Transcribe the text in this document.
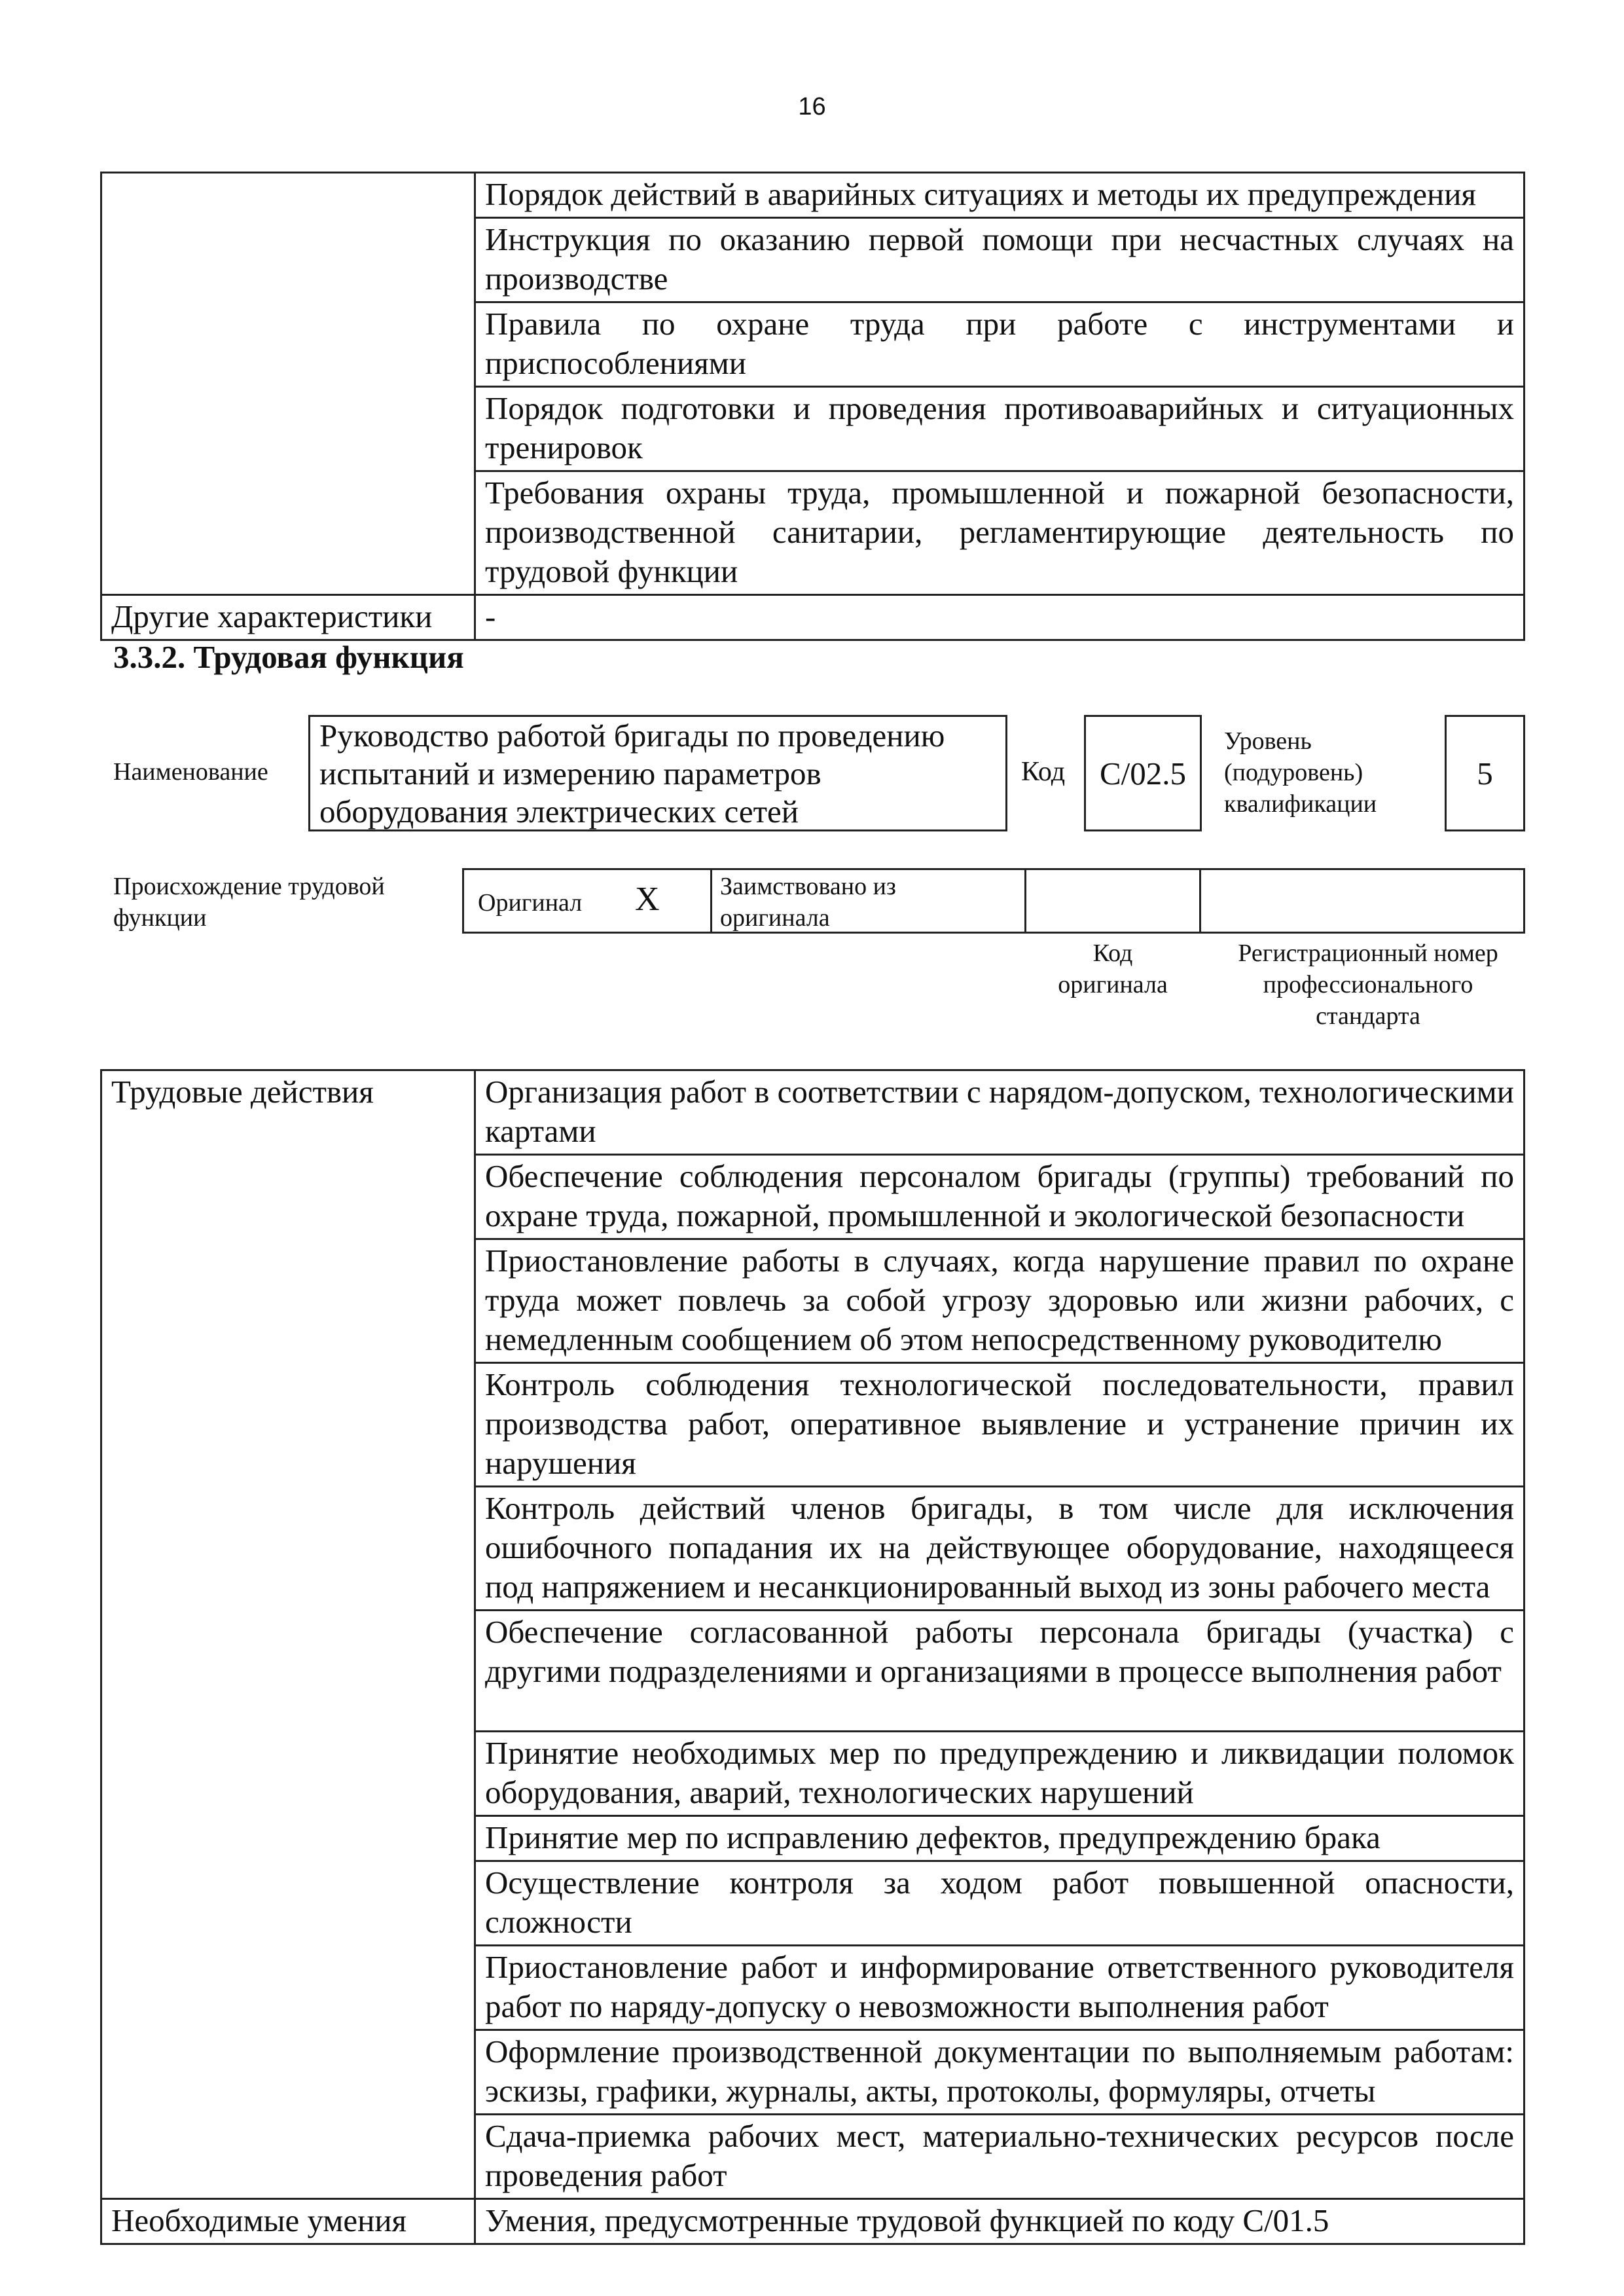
16
	Порядок действий в аварийных ситуациях и методы их предупреждения
	Инструкция по оказанию первой помощи при несчастных случаях на производстве
	Правила по охране труда при работе с инструментами и приспособлениями
	Порядок подготовки и проведения противоаварийных и ситуационных тренировок
	Требования охраны труда, промышленной и пожарной безопасности, производственной санитарии, регламентирующие деятельность по трудовой функции
Другие характеристики	-
3.3.2. Трудовая функция
Наименование
Руководство работой бригады по проведению испытаний и измерению параметров оборудования электрических сетей
Код	С/02.5
Уровень (подуровень) квалификации
5
Происхождение трудовой функции
Оригинал X Заимствовано из оригинала
Код оригинала
Регистрационный номер профессионального стандарта
Трудовые действия	Организация работ в соответствии с нарядом-допуском, технологическими картами
	Обеспечение соблюдения персоналом бригады (группы) требований по охране труда, пожарной, промышленной и экологической безопасности
	Приостановление работы в случаях, когда нарушение правил по охране труда может повлечь за собой угрозу здоровью или жизни рабочих, с немедленным сообщением об этом непосредственному руководителю
	Контроль соблюдения технологической последовательности, правил производства работ, оперативное выявление и устранение причин их нарушения
	Контроль действий членов бригады, в том числе для исключения ошибочного попадания их на действующее оборудование, находящееся под напряжением и несанкционированный выход из зоны рабочего места
	Обеспечение согласованной работы персонала бригады (участка) с другими подразделениями и организациями в процессе выполнения работ
	Принятие необходимых мер по предупреждению и ликвидации поломок оборудования, аварий, технологических нарушений
	Принятие мер по исправлению дефектов, предупреждению брака
	Осуществление контроля за ходом работ повышенной опасности, сложности
	Приостановление работ и информирование ответственного руководителя работ по наряду-допуску о невозможности выполнения работ
	Оформление производственной документации по выполняемым работам: эскизы, графики, журналы, акты, протоколы, формуляры, отчеты
	Сдача-приемка рабочих мест, материально-технических ресурсов после проведения работ
Необходимые умения	Умения, предусмотренные трудовой функцией по коду С/01.5
